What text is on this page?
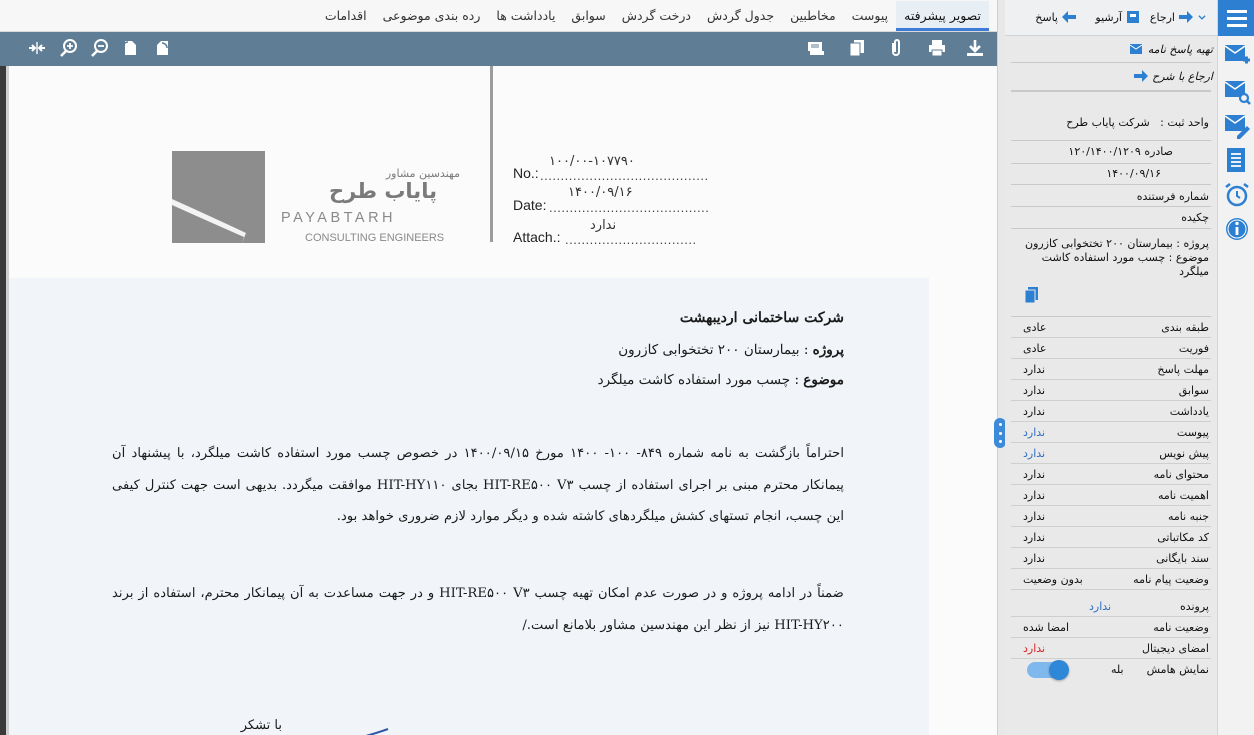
تصویر پیشرفته
پیوست
مخاطبین
جدول گردش
درخت گردش
سوابق
یادداشت ها
رده بندی موضوعی
اقدامات
مهندسین مشاور
پایاب طرح
PAYABTARH
CONSULTING ENGINEERS
۱۰۰/۰۰-۱۰۷۷۹۰
No.: .........................................
۱۴۰۰/۰۹/۱۶
Date: .......................................
ندارد
Attach.: ................................
شرکت ساختمانی اردیبهشت
پروژه : بیمارستان ۲۰۰ تختخوابی کازرون
موضوع : چسب مورد استفاده کاشت میلگرد
احتراماً بازگشت به نامه شماره ۸۴۹- ۱۰۰- ۱۴۰۰ مورخ ۱۴۰۰/۰۹/۱۵ در خصوص چسب مورد استفاده کاشت میلگرد، با پیشنهاد آن پیمانکار محترم مبنی بر اجرای استفاده از چسب HIT-RE۵۰۰ V۳ بجای HIT-HY۱۱۰ موافقت میگردد. بدیهی است جهت کنترل کیفی این چسب، انجام تستهای کشش میلگردهای کاشته شده و دیگر موارد لازم ضروری خواهد بود.
ضمناً در ادامه پروژه و در صورت عدم امکان تهیه چسب HIT-RE۵۰۰ V۳ و در جهت مساعدت به آن پیمانکار محترم، استفاده از برند HIT-HY۲۰۰ نیز از نظر این مهندسین مشاور بلامانع است./
با تشکر
ارجاع
آرشیو
پاسخ
تهیه پاسخ نامه
ارجاع با شرح
واحد ثبت :   شرکت پایاب طرح
صادره ۱۲۰/۱۴۰۰/۱۲۰۹
۱۴۰۰/۰۹/۱۶
شماره فرستنده
چکیده
پروژه : بیمارستان ۲۰۰ تختخوابی کازرون
موضوع : چسب مورد استفاده کاشت میلگرد
پرونده
ندارد
وضعیت نامه
امضا شده
امضای دیجیتال
ندارد
نمایش هامش
بله
طبقه بندی
عادی
فوریت
عادی
مهلت پاسخ
ندارد
سوابق
ندارد
یادداشت
ندارد
پیوست
ندارد
پیش نویس
ندارد
محتوای نامه
ندارد
اهمیت نامه
ندارد
جنبه نامه
ندارد
کد مکاتباتی
ندارد
سند بایگانی
ندارد
وضعیت پیام نامه
بدون وضعیت
